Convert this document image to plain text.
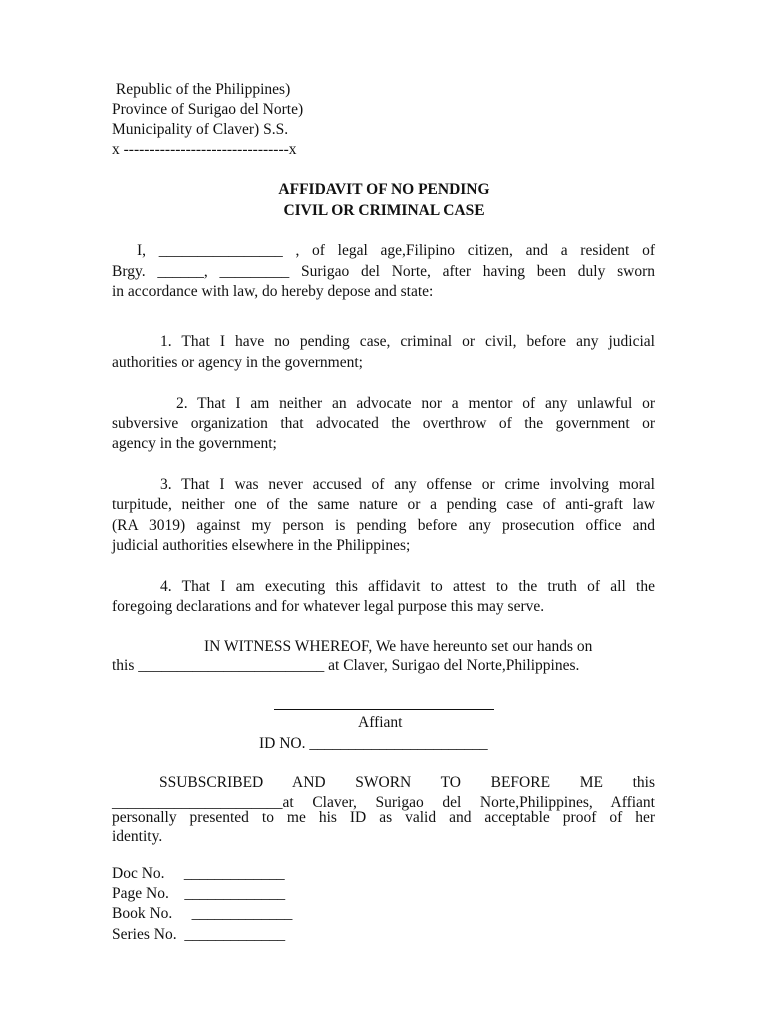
Republic of the Philippines)
Province of Surigao del Norte)
Municipality of Claver) S.S.
x --------------------------------x
AFFIDAVIT OF NO PENDING
CIVIL OR CRIMINAL CASE
I, ________________ , of legal age,Filipino citizen, and a resident of
Brgy. ______, _________ Surigao del Norte, after having been duly sworn
in accordance with law, do hereby depose and state:
1. That I have no pending case, criminal or civil, before any judicial
authorities or agency in the government;
2. That I am neither an advocate nor a mentor of any unlawful or
subversive organization that advocated the overthrow of the government or
agency in the government;
3. That I was never accused of any offense or crime involving moral
turpitude, neither one of the same nature or a pending case of anti-graft law
(RA 3019) against my person is pending before any prosecution office and
judicial authorities elsewhere in the Philippines;
4. That I am executing this affidavit to attest to the truth of all the
foregoing declarations and for whatever legal purpose this may serve.
IN WITNESS WHEREOF, We have hereunto set our hands on
this ________________________ at Claver, Surigao del Norte,Philippines.
Affiant
ID NO. _______________________
SSUBSCRIBED AND SWORN TO BEFORE ME this
______________________at Claver, Surigao del Norte,Philippines, Affiant
personally presented to me his ID as valid and acceptable proof of her
identity.
Doc No.     _____________
Page No.    _____________
Book No.     _____________
Series No.  _____________
